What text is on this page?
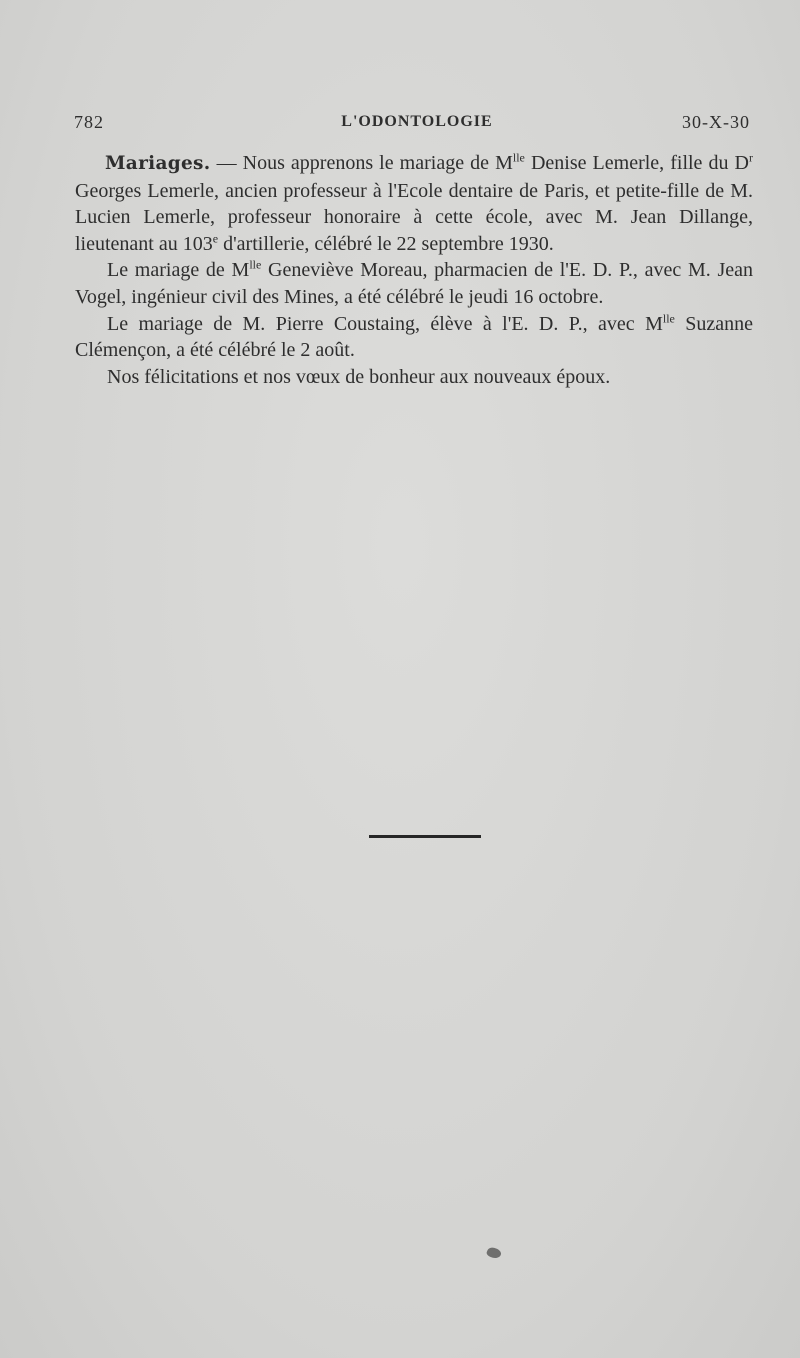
782	L'ODONTOLOGIE	30-X-30

Mariages. — Nous apprenons le mariage de $M^{lle}$ Denise Lemerle, fille du $D^r$ Georges Lemerle, ancien professeur à l'Ecole dentaire de Paris, et petite-fille de M. Lucien Lemerle, professeur honoraire à cette école, avec M. Jean Dillange, lieutenant au 103e d'artillerie, célébré le 22 septembre 1930.

Le mariage de $M^{lle}$ Geneviève Moreau, pharmacien de l'E. D. P., avec M. Jean Vogel, ingénieur civil des Mines, a été célébré le jeudi 16 octobre.

Le mariage de M. Pierre Coustaing, élève à l'E. D. P., avec $M^{lle}$ Suzanne Clémençon, a été célébré le 2 août.

Nos félicitations et nos vœux de bonheur aux nouveaux époux.
